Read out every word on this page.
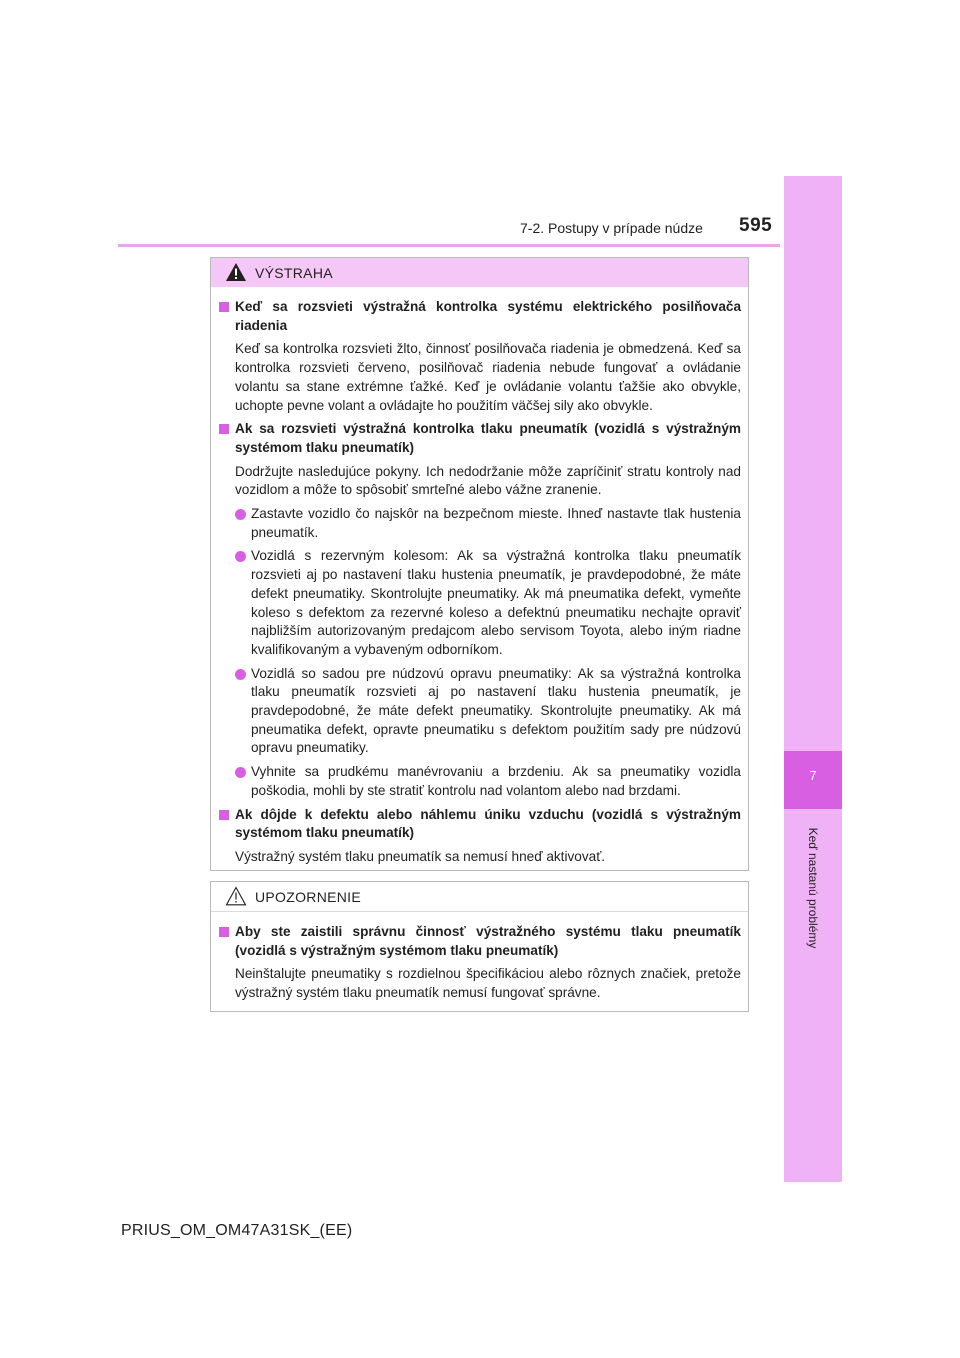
7-2. Postupy v prípade núdze 595
7
Keď nastanú problémy
VÝSTRAHA
Keď sa rozsvieti výstražná kontrolka systému elektrického posilňovača riadenia
Keď sa kontrolka rozsvieti žlto, činnosť posilňovača riadenia je obmedzená. Keď sa kontrolka rozsvieti červeno, posilňovač riadenia nebude fungovať a ovládanie volantu sa stane extrémne ťažké. Keď je ovládanie volantu ťažšie ako obvykle, uchopte pevne volant a ovládajte ho použitím väčšej sily ako obvykle.
Ak sa rozsvieti výstražná kontrolka tlaku pneumatík (vozidlá s výstražným systémom tlaku pneumatík)
Dodržujte nasledujúce pokyny. Ich nedodržanie môže zapríčiniť stratu kontroly nad vozidlom a môže to spôsobiť smrteľné alebo vážne zranenie.
Zastavte vozidlo čo najskôr na bezpečnom mieste. Ihneď nastavte tlak hustenia pneumatík.
Vozidlá s rezervným kolesom: Ak sa výstražná kontrolka tlaku pneumatík rozsvieti aj po nastavení tlaku hustenia pneumatík, je pravdepodobné, že máte defekt pneumatiky. Skontrolujte pneumatiky. Ak má pneumatika defekt, vymeňte koleso s defektom za rezervné koleso a defektnú pneumatiku nechajte opraviť najbližším autorizovaným predajcom alebo servisom Toyota, alebo iným riadne kvalifikovaným a vybaveným odborníkom.
Vozidlá so sadou pre núdzovú opravu pneumatiky: Ak sa výstražná kontrolka tlaku pneumatík rozsvieti aj po nastavení tlaku hustenia pneumatík, je pravdepodobné, že máte defekt pneumatiky. Skontrolujte pneumatiky. Ak má pneumatika defekt, opravte pneumatiku s defektom použitím sady pre núdzovú opravu pneumatiky.
Vyhnite sa prudkému manévrovaniu a brzdeniu. Ak sa pneumatiky vozidla poškodia, mohli by ste stratiť kontrolu nad volantom alebo nad brzdami.
Ak dôjde k defektu alebo náhlemu úniku vzduchu (vozidlá s výstražným systémom tlaku pneumatík)
Výstražný systém tlaku pneumatík sa nemusí hneď aktivovať.
UPOZORNENIE
Aby ste zaistili správnu činnosť výstražného systému tlaku pneumatík (vozidlá s výstražným systémom tlaku pneumatík)
Neinštalujte pneumatiky s rozdielnou špecifikáciou alebo rôznych značiek, pretože výstražný systém tlaku pneumatík nemusí fungovať správne.
PRIUS_OM_OM47A31SK_(EE)
